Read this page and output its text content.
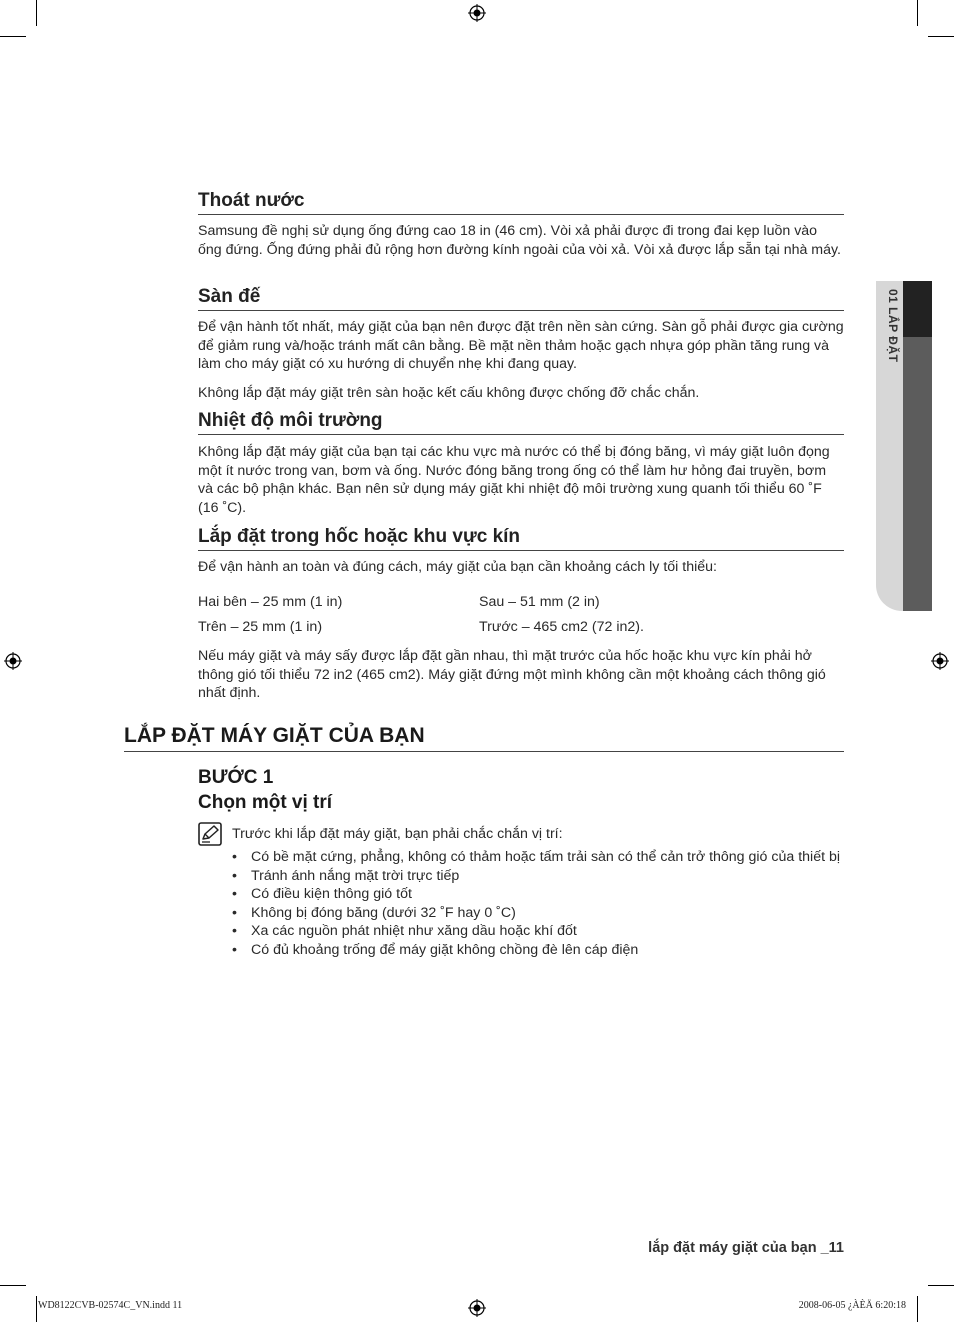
01 LẮP ĐẶT
Thoát nước

Samsung đề nghị sử dụng ống đứng cao 18 in (46 cm). Vòi xả phải được đi trong đai kẹp luồn vào ống đứng. Ống đứng phải đủ rộng hơn đường kính ngoài của vòi xả. Vòi xả được lắp sẵn tại nhà máy.

Sàn đế

Để vận hành tốt nhất, máy giặt của bạn nên được đặt trên nền sàn cứng. Sàn gỗ phải được gia cường để giảm rung và/hoặc tránh mất cân bằng. Bề mặt nền thảm hoặc gạch nhựa góp phần tăng rung và làm cho máy giặt có xu hướng di chuyển nhẹ khi đang quay.

Không lắp đặt máy giặt trên sàn hoặc kết cấu không được chống đỡ chắc chắn.

Nhiệt độ môi trường

Không lắp đặt máy giặt của bạn tại các khu vực mà nước có thể bị đóng băng, vì máy giặt luôn đọng một ít nước trong van, bơm và ống. Nước đóng băng trong ống có thể làm hư hỏng đai truyền, bơm và các bộ phận khác. Bạn nên sử dụng máy giặt khi nhiệt độ môi trường xung quanh tối thiểu 60 ˚F (16 ˚C).

Lắp đặt trong hốc hoặc khu vực kín

Để vận hành an toàn và đúng cách, máy giặt của bạn cần khoảng cách ly tối thiểu:

Hai bên – 25 mm (1 in)	Sau – 51 mm (2 in)
Trên – 25 mm (1 in)	Trước – 465 cm2 (72 in2).

Nếu máy giặt và máy sấy được lắp đặt gần nhau, thì mặt trước của hốc hoặc khu vực kín phải hở thông gió tối thiểu 72 in2 (465 cm2). Máy giặt đứng một mình không cần một khoảng cách thông gió nhất định.

LẮP ĐẶT MÁY GIẶT CỦA BẠN
BƯỚC 1
Chọn một vị trí
Trước khi lắp đặt máy giặt, bạn phải chắc chắn vị trí:
• Có bề mặt cứng, phẳng, không có thảm hoặc tấm trải sàn có thể cản trở thông gió của thiết bị
• Tránh ánh nắng mặt trời trực tiếp
• Có điều kiện thông gió tốt
• Không bị đóng băng (dưới 32 ˚F hay 0 ˚C)
• Xa các nguồn phát nhiệt như xăng dầu hoặc khí đốt
• Có đủ khoảng trống để máy giặt không chồng đè lên cáp điện
lắp đặt máy giặt của bạn _11
WD8122CVB-02574C_VN.indd 11	2008-06-05 ¿ÀÈÄ 6:20:18
